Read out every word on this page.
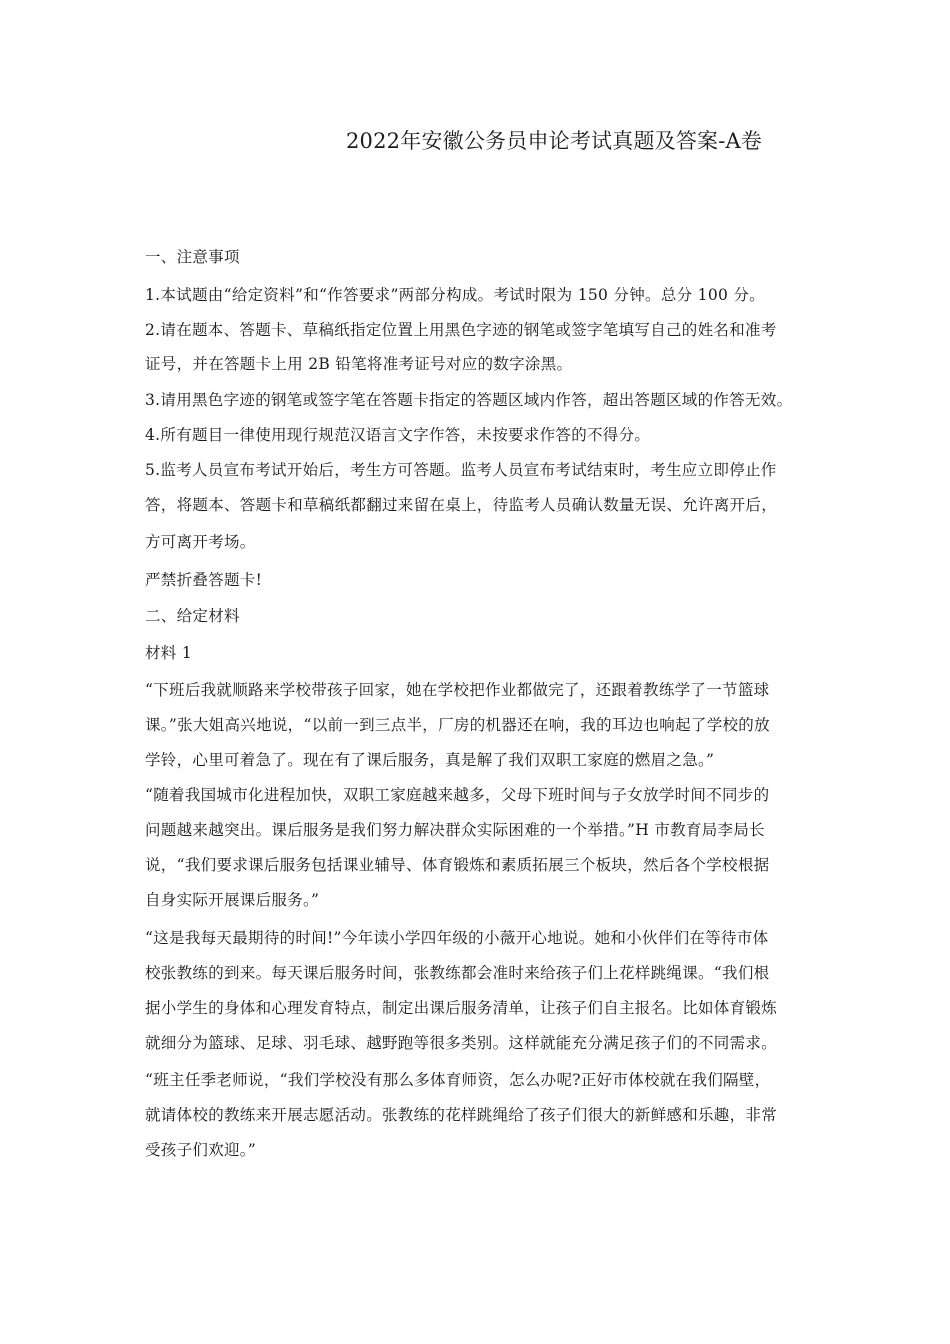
2022年安徽公务员申论考试真题及答案-A卷
一、注意事项
1.本试题由“给定资料”和“作答要求”两部分构成。考试时限为 150 分钟。总分 100 分。
2.请在题本、答题卡、草稿纸指定位置上用黑色字迹的钢笔或签字笔填写自己的姓名和准考
证号，并在答题卡上用 2B 铅笔将准考证号对应的数字涂黑。
3.请用黑色字迹的钢笔或签字笔在答题卡指定的答题区域内作答，超出答题区域的作答无效。
4.所有题目一律使用现行规范汉语言文字作答，未按要求作答的不得分。
5.监考人员宣布考试开始后，考生方可答题。监考人员宣布考试结束时，考生应立即停止作
答，将题本、答题卡和草稿纸都翻过来留在桌上，待监考人员确认数量无误、允许离开后，
方可离开考场。
严禁折叠答题卡!
二、给定材料
材料 1
“下班后我就顺路来学校带孩子回家，她在学校把作业都做完了，还跟着教练学了一节篮球
课。”张大姐高兴地说，“以前一到三点半，厂房的机器还在响，我的耳边也响起了学校的放
学铃，心里可着急了。现在有了课后服务，真是解了我们双职工家庭的燃眉之急。”
“随着我国城市化进程加快，双职工家庭越来越多，父母下班时间与子女放学时间不同步的
问题越来越突出。课后服务是我们努力解决群众实际困难的一个举措。”H 市教育局李局长
说，“我们要求课后服务包括课业辅导、体育锻炼和素质拓展三个板块，然后各个学校根据
自身实际开展课后服务。”
“这是我每天最期待的时间!”今年读小学四年级的小薇开心地说。她和小伙伴们在等待市体
校张教练的到来。每天课后服务时间，张教练都会准时来给孩子们上花样跳绳课。“我们根
据小学生的身体和心理发育特点，制定出课后服务清单，让孩子们自主报名。比如体育锻炼
就细分为篮球、足球、羽毛球、越野跑等很多类别。这样就能充分满足孩子们的不同需求。
“班主任季老师说，“我们学校没有那么多体育师资，怎么办呢?正好市体校就在我们隔壁，
就请体校的教练来开展志愿活动。张教练的花样跳绳给了孩子们很大的新鲜感和乐趣，非常
受孩子们欢迎。”
